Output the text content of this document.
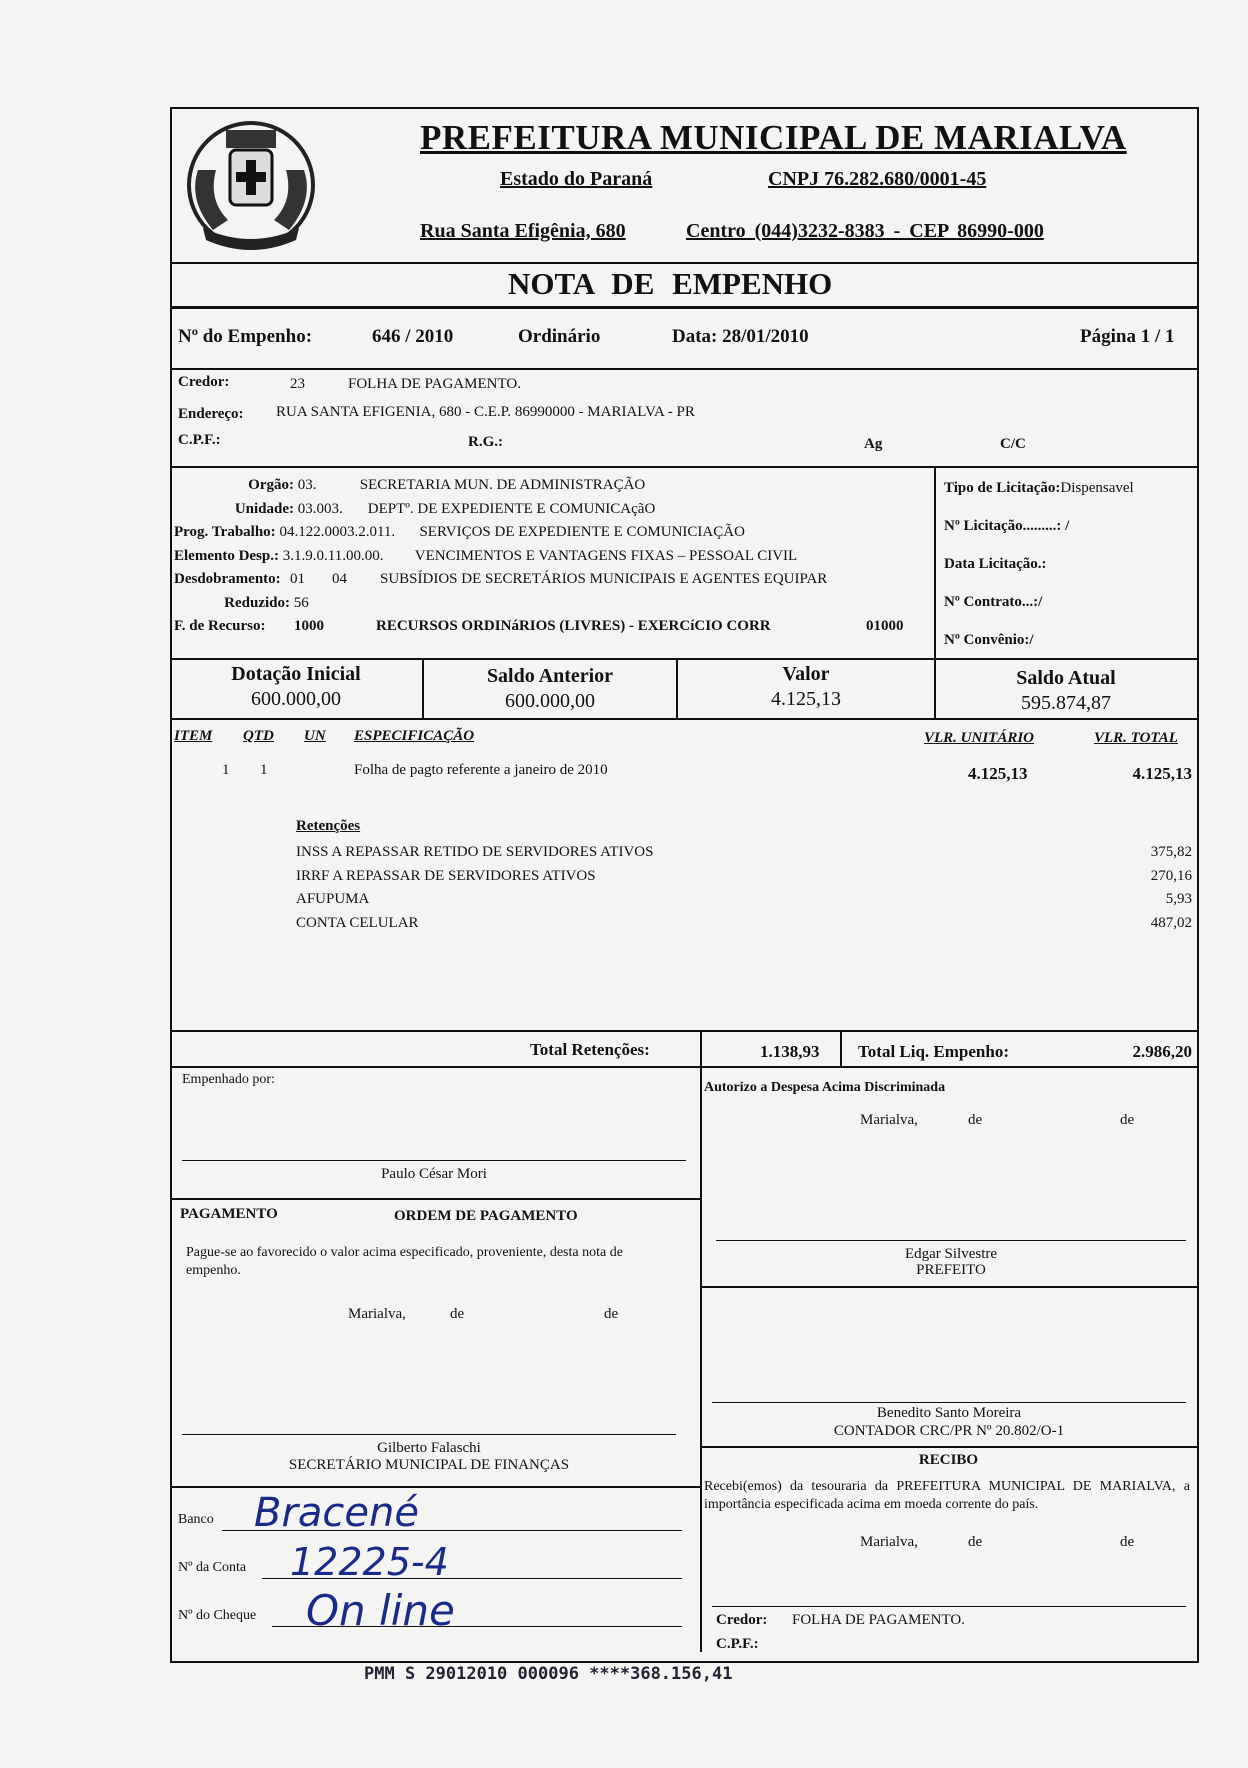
PREFEITURA MUNICIPAL DE MARIALVA
Estado do Paraná	CNPJ 76.282.680/0001-45
Rua Santa Efigênia, 680	Centro (044)3232-8383 - CEP 86990-000
NOTA DE EMPENHO
Nº do Empenho:	646 / 2010	Ordinário	Data: 28/01/2010	Página 1 / 1
Credor:	23	FOLHA DE PAGAMENTO.
Endereço: RUA SANTA EFIGENIA, 680 - C.E.P. 86990000 - MARIALVA - PR
C.P.F.:	R.G.:	Ag	C/C
Orgão: 03.	SECRETARIA MUN. DE ADMINISTRAÇÃO
Unidade: 03.003. DEPTº. DE EXPEDIENTE E COMUNICAçãO
Prog. Trabalho: 04.122.0003.2.011. SERVIÇOS DE EXPEDIENTE E COMUNICIAÇÃO
Elemento Desp.: 3.1.9.0.11.00.00. VENCIMENTOS E VANTAGENS FIXAS – PESSOAL CIVIL
Desdobramento: 01 04 SUBSÍDIOS DE SECRETÁRIOS MUNICIPAIS E AGENTES EQUIPAR
Reduzido: 56
F. de Recurso: 1000	RECURSOS ORDINáRIOS (LIVRES) - EXERCíCIO CORR	01000
Tipo de Licitação:Dispensavel
Nº Licitação.........: /
Data Licitação.:
Nº Contrato...:/
Nº Convênio:/
Dotação Inicial
600.000,00
Saldo Anterior
600.000,00
Valor
4.125,13
Saldo Atual
595.874,87
ITEM QTD UN ESPECIFICAÇÃO	VLR. UNITÁRIO	VLR. TOTAL
1 1	Folha de pagto referente a janeiro de 2010	4.125,13	4.125,13
Retenções
INSS A REPASSAR RETIDO DE SERVIDORES ATIVOS	375,82
IRRF A REPASSAR DE SERVIDORES ATIVOS	270,16
AFUPUMA	5,93
CONTA CELULAR	487,02
Total Retenções:	1.138,93 Total Liq. Empenho:	2.986,20
Empenhado por:
Paulo César Mori
PAGAMENTO	ORDEM DE PAGAMENTO
Pague-se ao favorecido o valor acima especificado, proveniente, desta nota de empenho.
Marialva,	de	de
Gilberto Falaschi
SECRETÁRIO MUNICIPAL DE FINANÇAS
Banco Bracené
Nº da Conta 12225-4
Nº do Cheque On line
Autorizo a Despesa Acima Discriminada
Marialva,	de	de
Edgar Silvestre
PREFEITO
Benedito Santo Moreira
CONTADOR CRC/PR Nº 20.802/O-1
RECIBO
Recebi(emos) da tesouraria da PREFEITURA MUNICIPAL DE MARIALVA, a importância especificada acima em moeda corrente do país.
Marialva,	de	de
Credor: FOLHA DE PAGAMENTO.
C.P.F.:
PMM S 29012010 000096 ****368.156,41
